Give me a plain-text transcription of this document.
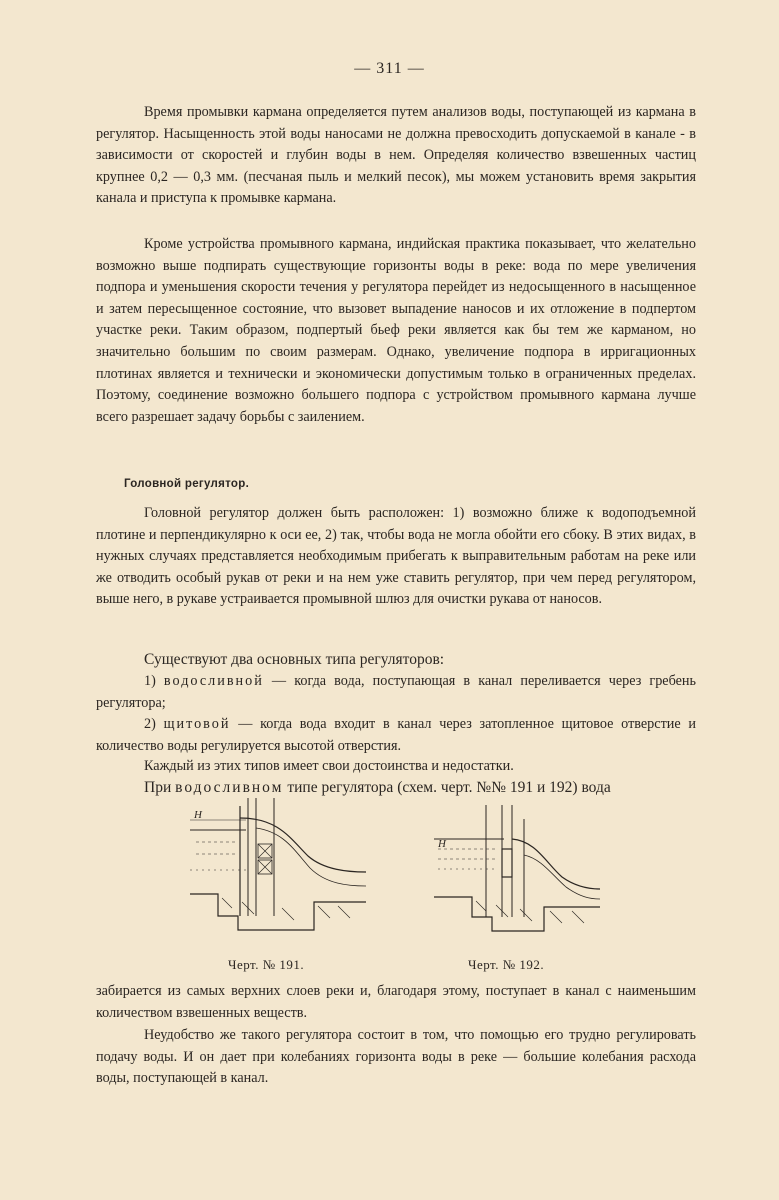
— 311 —

Время промывки кармана определяется путем анализов воды, поступающей из кармана в регулятор. Насыщенность этой воды наносами не должна превосходить допускаемой в канале - в зависимости от скоростей и глубин воды в нем. Определяя количество взвешенных частиц крупнее 0,2 — 0,3 мм. (песчаная пыль и мелкий песок), мы можем установить время закрытия канала и приступа к промывке кармана.

Кроме устройства промывного кармана, индийская практика показывает, что желательно возможно выше подпирать существующие горизонты воды в реке: вода по мере увеличения подпора и уменьшения скорости течения у регулятора перейдет из недосыщенного в насыщенное и затем пересыщенное состояние, что вызовет выпадение наносов и их отложение в подпертом участке реки. Таким образом, подпертый бьеф реки является как бы тем же карманом, но значительно большим по своим размерам. Однако, увеличение подпора в ирригационных плотинах является и технически и экономически допустимым только в ограниченных пределах. Поэтому, соединение возможно большего подпора с устройством промывного кармана лучше всего разрешает задачу борьбы с заилением.

Головной регулятор.

Головной регулятор должен быть расположен: 1) возможно ближе к водоподъемной плотине и перпендикулярно к оси ее, 2) так, чтобы вода не могла обойти его сбоку. В этих видах, в нужных случаях представляется необходимым прибегать к выправительным работам на реке или же отводить особый рукав от реки и на нем уже ставить регулятор, при чем перед регулятором, выше него, в рукаве устраивается промывной шлюз для очистки рукава от наносов.

Существуют два основных типа регуляторов:

1) водосливной — когда вода, поступающая в канал переливается через гребень регулятора;

2) щитовой — когда вода входит в канал через затопленное щитовое отверстие и количество воды регулируется высотой отверстия.

Каждый из этих типов имеет свои достоинства и недостатки.

При водосливном типе регулятора (схем. черт. №№ 191 и 192) вода

H
Черт. № 191.
H
Черт. № 192.

забирается из самых верхних слоев реки и, благодаря этому, поступает в канал с наименьшим количеством взвешенных веществ.

Неудобство же такого регулятора состоит в том, что помощью его трудно регулировать подачу воды. И он дает при колебаниях горизонта воды в реке — большие колебания расхода воды, поступающей в канал.
